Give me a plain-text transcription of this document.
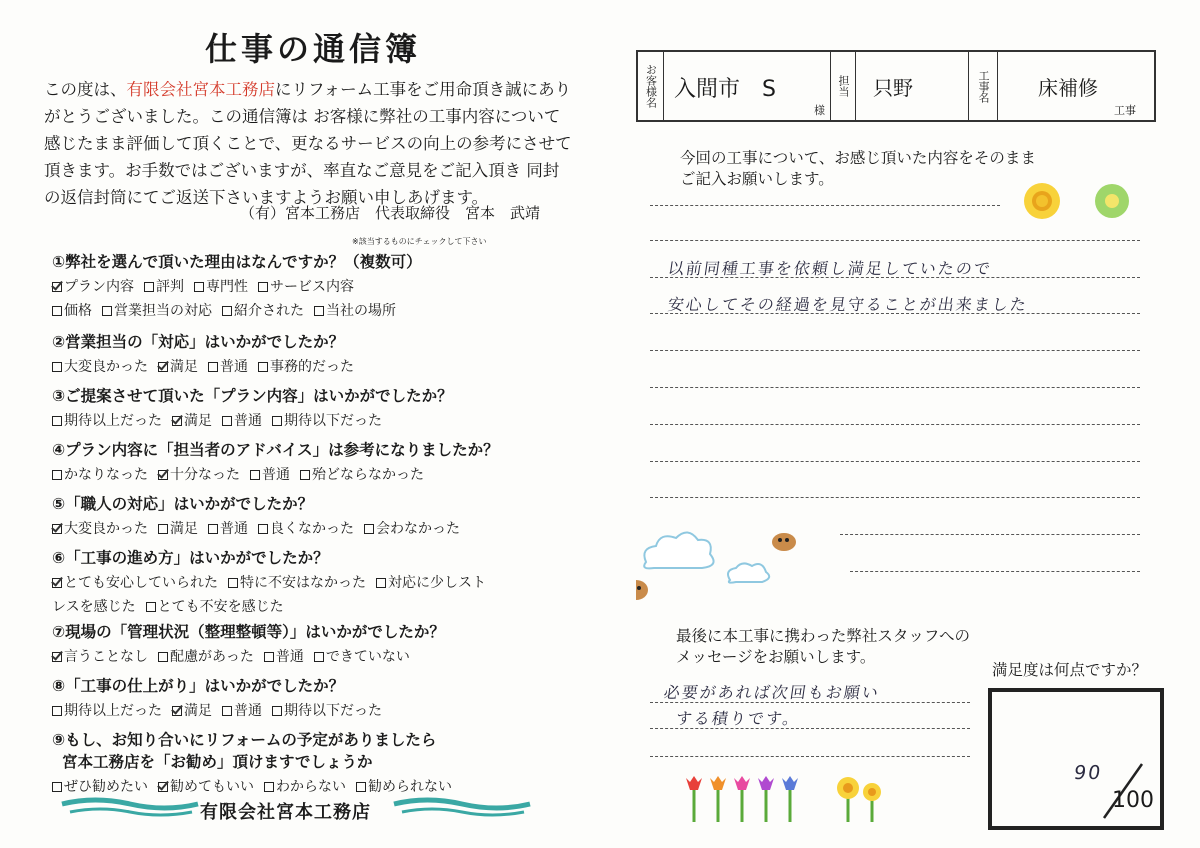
仕事の通信簿
この度は、有限会社宮本工務店にリフォーム工事をご用命頂き誠にありがとうございました。この通信簿は お客様に弊社の工事内容について感じたまま評価して頂くことで、更なるサービスの向上の参考にさせて頂きます。お手数ではございますが、率直なご意見をご記入頂き 同封の返信封筒にてご返送下さいますようお願い申しあげます。
（有）宮本工務店　代表取締役　宮本　武靖
※該当するものにチェックして下さい
①弊社を選んで頂いた理由はなんですか？（複数可）
プラン内容 評判 専門性 サービス内容
価格 営業担当の対応 紹介された 当社の場所
②営業担当の「対応」はいかがでしたか？
大変良かった 満足 普通 事務的だった
③ご提案させて頂いた「プラン内容」はいかがでしたか？
期待以上だった 満足 普通 期待以下だった
④プラン内容に「担当者のアドバイス」は参考になりましたか？
かなりなった 十分なった 普通 殆どならなかった
⑤「職人の対応」はいかがでしたか？
大変良かった 満足 普通 良くなかった 会わなかった
⑥「工事の進め方」はいかがでしたか？
とても安心していられた 特に不安はなかった 対応に少しスト
レスを感じた とても不安を感じた
⑦現場の「管理状況（整理整頓等）」はいかがでしたか？
言うことなし 配慮があった 普通 できていない
⑧「工事の仕上がり」はいかがでしたか？
期待以上だった 満足 普通 期待以下だった
⑨もし、お知り合いにリフォームの予定がありましたら
宮本工務店を「お勧め」頂けますでしょうか
ぜひ勧めたい 勧めてもいい わからない 勧められない
有限会社宮本工務店
お客様名 入間市　S
様
担当	只野	工事名	床補修
工事
今回の工事について、お感じ頂いた内容をそのまま
ご記入お願いします。
以前同種工事を依頼し満足していたので
安心してその経過を見守ることが出来ました
最後に本工事に携わった弊社スタッフへの
メッセージをお願いします。
必要があれば次回もお願い
する積りです。
満足度は何点ですか？
90
100
